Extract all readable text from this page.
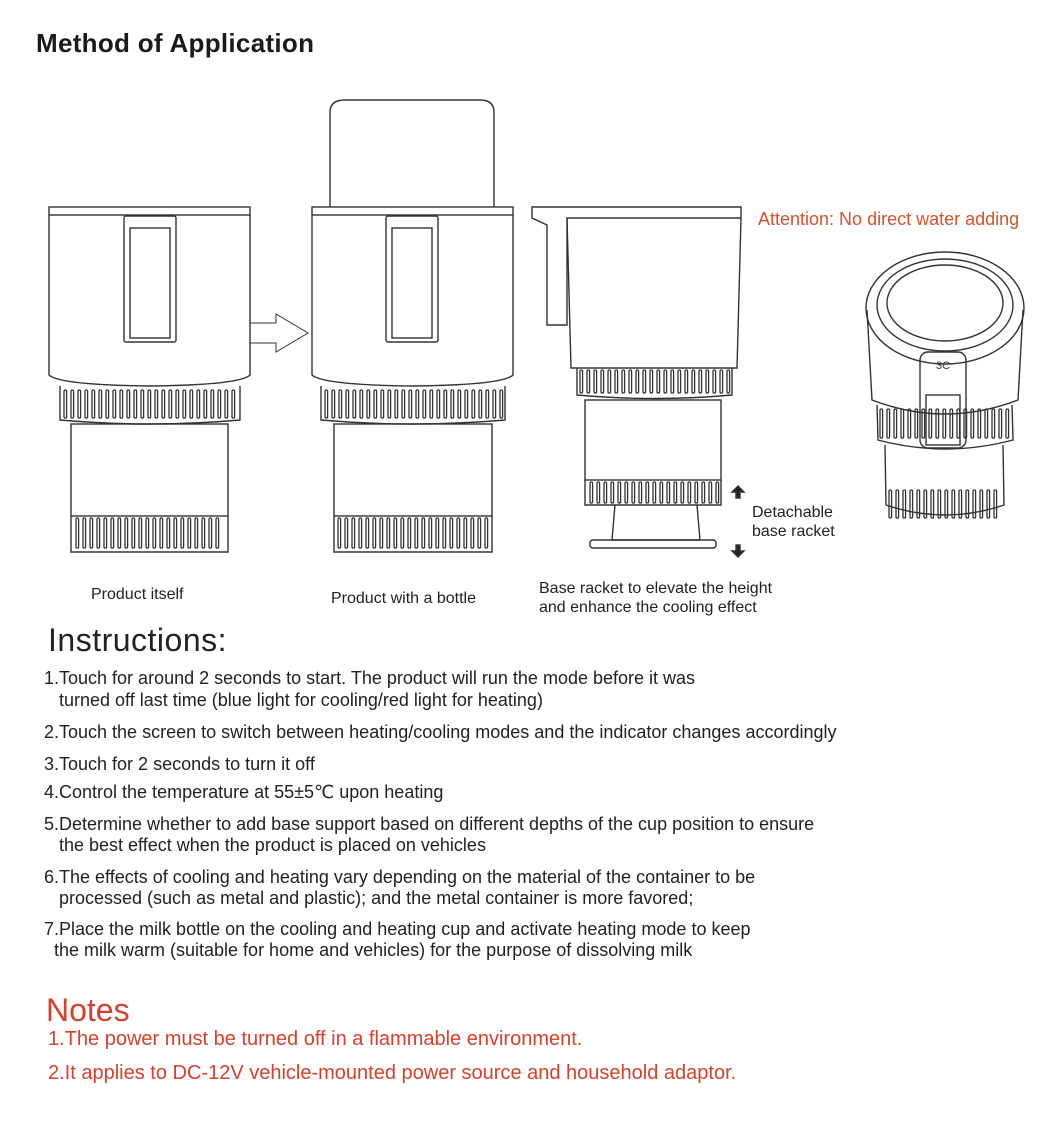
Method of Application
3C
Attention: No direct water adding
Product itself	Product with a bottle
Base racket to elevate the height
and enhance the cooling effect
Detachable
base racket
Instructions:
1.Touch for around 2 seconds to start. The product will run the mode before it was
turned off last time (blue light for cooling/red light for heating)
2.Touch the screen to switch between heating/cooling modes and the indicator changes accordingly
3.Touch for 2 seconds to turn it off
4.Control the temperature at 55±5℃ upon heating
5.Determine whether to add base support based on different depths of the cup position to ensure
the best effect when the product is placed on vehicles
6.The effects of cooling and heating vary depending on the material of the container to be
processed (such as metal and plastic); and the metal container is more favored;
7.Place the milk bottle on the cooling and heating cup and activate heating mode to keep
the milk warm (suitable for home and vehicles) for the purpose of dissolving milk
Notes
1.The power must be turned off in a flammable environment.
2.It applies to DC-12V vehicle-mounted power source and household adaptor.
